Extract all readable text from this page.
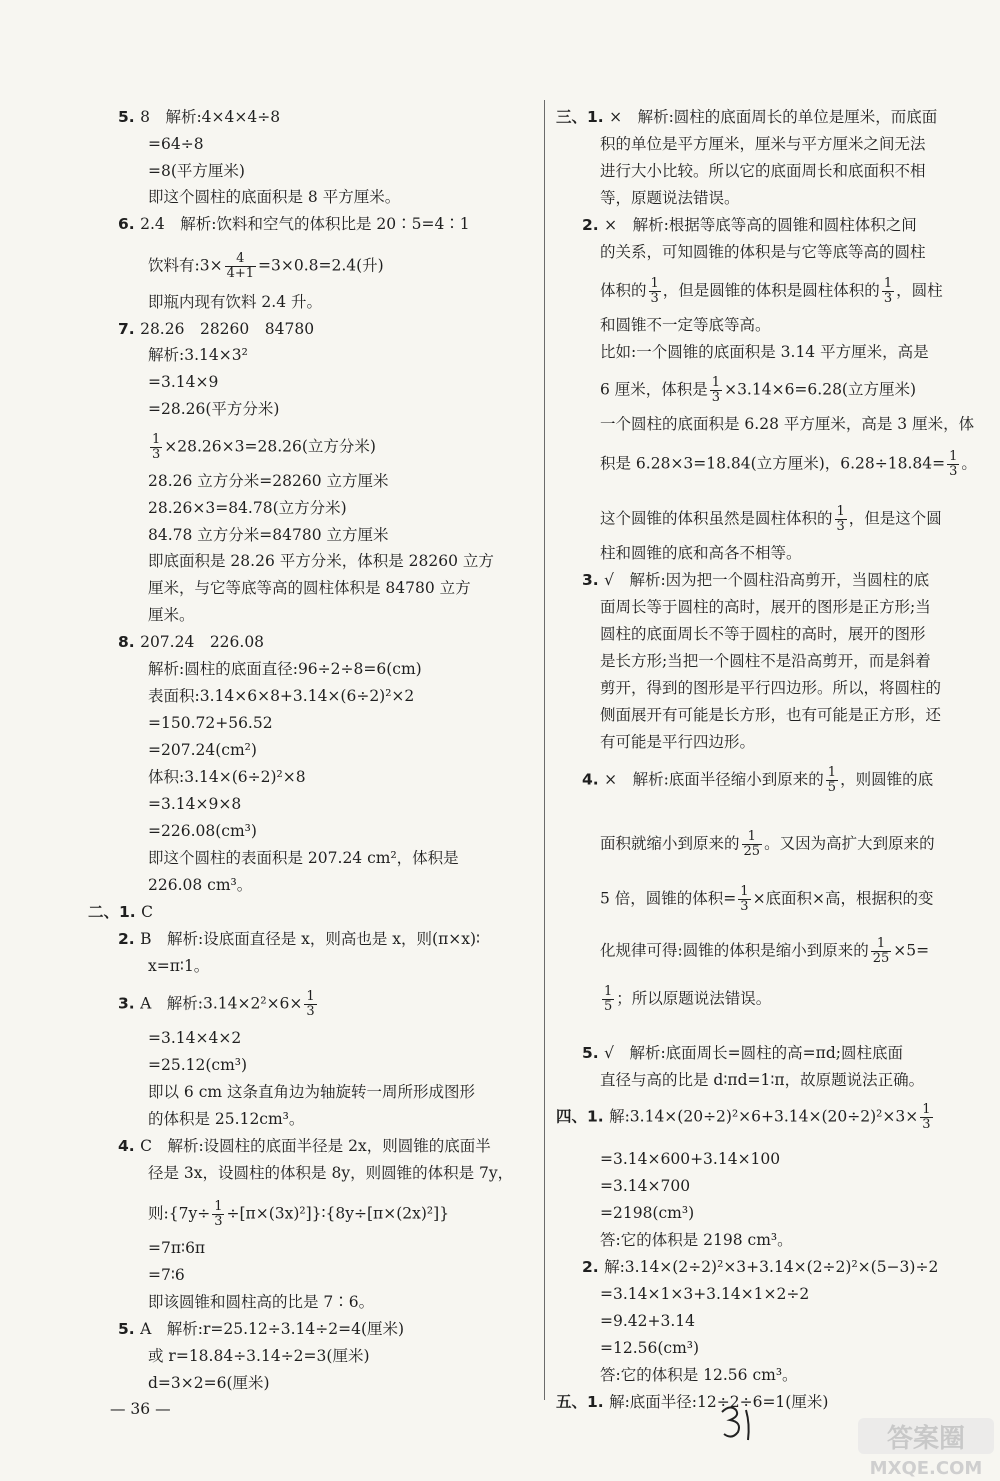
5. 8　解析:4×4×4÷8
=64÷8
=8(平方厘米)
即这个圆柱的底面积是 8 平方厘米。
6. 2.4　解析:饮料和空气的体积比是 20∶5=4∶1
饮料有:3× $\frac{4}{4+1} =3\times 0.8=2.4$(升)
即瓶内现有饮料 2.4 升。
7. 28.26　28260　84780
解析:3.14×3²
=3.14×9
=28.26(平方分米)
$\frac{1}{3} \times 28.26\times 3=28.26$(立方分米)
28.26 立方分米=28260 立方厘米
28.26×3=84.78(立方分米)
84.78 立方分米=84780 立方厘米
即底面积是 28.26 平方分米，体积是 28260 立方
厘米，与它等底等高的圆柱体积是 84780 立方
厘米。
8. 207.24　226.08
解析:圆柱的底面直径:96÷2÷8=6(cm)
表面积:3.14×6×8+3.14×(6÷2)²×2
=150.72+56.52
=207.24(cm²)
体积:3.14×(6÷2)²×8
=3.14×9×8
=226.08(cm³)
即这个圆柱的表面积是 207.24 cm²，体积是
226.08 cm³。
二、1. C
2. B　解析:设底面直径是 x，则高也是 x，则(π×x)∶
x=π∶1。
3. A　解析:3.14×2²×6× $\frac{1}{3}$
=3.14×4×2
=25.12(cm³)
即以 6 cm 这条直角边为轴旋转一周所形成图形
的体积是 25.12cm³。
4. C　解析:设圆柱的底面半径是 2x，则圆锥的底面半
径是 3x，设圆柱的体积是 8y，则圆锥的体积是 7y，
则:{7y÷ $\frac{1}{3}$ ÷[π×(3x)²]}∶{8y÷[π×(2x)²]}
=7π∶6π
=7∶6
即该圆锥和圆柱高的比是 7∶6。
5. A　解析:r=25.12÷3.14÷2=4(厘米)
或 r=18.84÷3.14÷2=3(厘米)
d=3×2=6(厘米)
三、1. ×　解析:圆柱的底面周长的单位是厘米，而底面
积的单位是平方厘米，厘米与平方厘米之间无法
进行大小比较。所以它的底面周长和底面积不相
等，原题说法错误。
2. ×　解析:根据等底等高的圆锥和圆柱体积之间
的关系，可知圆锥的体积是与它等底等高的圆柱
体积的 $\frac{1}{3}$ ，但是圆锥的体积是圆柱体积的 $\frac{1}{3}$ ，圆柱
和圆锥不一定等底等高。
比如:一个圆锥的底面积是 3.14 平方厘米，高是
6 厘米，体积是 $\frac{1}{3} \times 3.14\times 6=6.28$(立方厘米)
一个圆柱的底面积是 6.28 平方厘米，高是 3 厘米，体
积是 6.28×3=18.84(立方厘米)，$6.28\div 18.84= \frac{1}{3}$ 。
这个圆锥的体积虽然是圆柱体积的 $\frac{1}{3}$ ，但是这个圆
柱和圆锥的底和高各不相等。
3. √　解析:因为把一个圆柱沿高剪开，当圆柱的底
面周长等于圆柱的高时，展开的图形是正方形;当
圆柱的底面周长不等于圆柱的高时，展开的图形
是长方形;当把一个圆柱不是沿高剪开，而是斜着
剪开，得到的图形是平行四边形。所以，将圆柱的
侧面展开有可能是长方形，也有可能是正方形，还
有可能是平行四边形。
4. ×　解析:底面半径缩小到原来的 $\frac{1}{5}$ ，则圆锥的底
面积就缩小到原来的 $\frac{1}{25}$ 。又因为高扩大到原来的
5 倍，圆锥的体积= $\frac{1}{3}$ ×底面积×高，根据积的变
化规律可得:圆锥的体积是缩小到原来的 $\frac{1}{25} \times 5=$
$\frac{1}{5}$ ；所以原题说法错误。
5. √　解析:底面周长=圆柱的高=πd;圆柱底面
直径与高的比是 d∶πd=1∶π，故原题说法正确。
四、1. 解:3.14×(20÷2)²×6+3.14×(20÷2)²×3× $\frac{1}{3}$
=3.14×600+3.14×100
=3.14×700
=2198(cm³)
答:它的体积是 2198 cm³。
2. 解:3.14×(2÷2)²×3+3.14×(2÷2)²×(5−3)÷2
=3.14×1×3+3.14×1×2÷2
=9.42+3.14
=12.56(cm³)
答:它的体积是 12.56 cm³。
五、1. 解:底面半径:12÷2÷6=1(厘米)
— 36 —
答案圈
MXQE.COM
